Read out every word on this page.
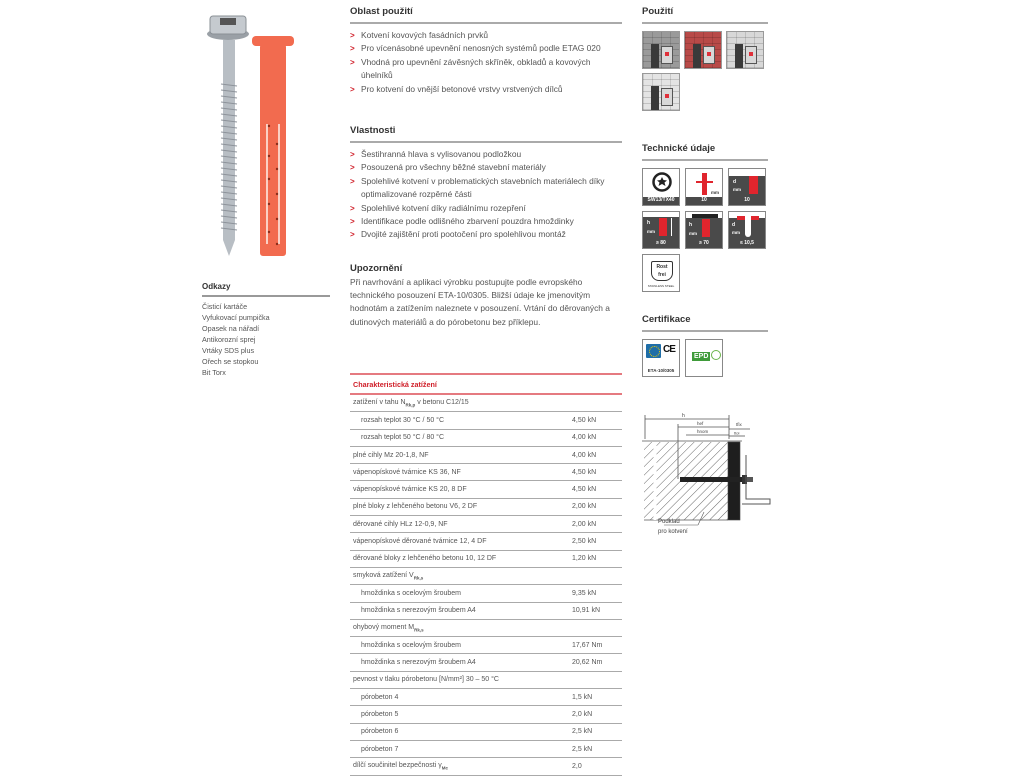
Odkazy
Čisticí kartáče
Vyfukovací pumpička
Opasek na nářadí
Antikorozní sprej
Vrtáky SDS plus
Ořech se stopkou
Bit Torx
Oblast použití
> Kotvení kovových fasádních prvků
> Pro vícenásobné upevnění nenosných systémů podle ETAG 020
> Vhodná pro upevnění závěsných skříněk, obkladů a kovových úhelníků
> Pro kotvení do vnější betonové vrstvy vrstvených dílců
Vlastnosti
> Šestihranná hlava s vylisovanou podložkou
> Posouzená pro všechny běžné stavební materiály
> Spolehlivé kotvení v problematických stavebních materiálech díky optimalizované rozpěrné části
> Spolehlivé kotvení díky radiálnímu rozepření
> Identifikace podle odlišného zbarvení pouzdra hmoždinky
> Dvojité zajištění proti pootočení pro spolehlivou montáž
Upozornění

Při navrhování a aplikaci výrobku postupujte podle evropského technického posouzení ETA-10/0305. Bližší údaje ke jmenovitým hodnotám a zatížením naleznete v posouzení. Vrtání do děrovaných a dutinových materiálů a do pórobetonu bez příklepu.

Charakteristická zatížení
zatížení v tahu $N_{Rk,p}$ v betonu C12/15
rozsah teplot 30 °C / 50 °C	4,50 kN
rozsah teplot 50 °C / 80 °C	4,00 kN
plné cihly Mz 20-1,8, NF	4,00 kN
vápenopískové tvárnice KS 36, NF	4,50 kN
vápenopískové tvárnice KS 20, 8 DF	4,50 kN
plné bloky z lehčeného betonu V6, 2 DF	2,00 kN
děrované cihly HLz 12-0,9, NF	2,00 kN
vápenopískové děrované tvárnice 12, 4 DF	2,50 kN
děrované bloky z lehčeného betonu 10, 12 DF	1,20 kN
smyková zatížení $V_{Rk,s}$
hmoždinka s ocelovým šroubem	9,35 kN
hmoždinka s nerezovým šroubem A4	10,91 kN
ohybový moment $M_{Rk,s}$
hmoždinka s ocelovým šroubem	17,67 Nm
hmoždinka s nerezovým šroubem A4	20,62 Nm
pevnost v tlaku pórobetonu [N/mm²] 30 – 50 °C
pórobeton 4	1,5 kN
pórobeton 5	2,0 kN
pórobeton 6	2,5 kN
pórobeton 7	2,5 kN
dílčí součinitel bezpečnosti $\gamma_{Mc}$	2,0
Použití
Technické údaje
SW13/TX40
mm
10
d
mm
10
h
mm
≥ 80
h
mm
≥ 70
d
mm
≤ 10,5
Rost
frei
STAINLESS STEEL
Certifikace
CE
ETA-10/0305
EPD
h
hef
hnom
tfix
ttol
Podklad
pro kotvení
